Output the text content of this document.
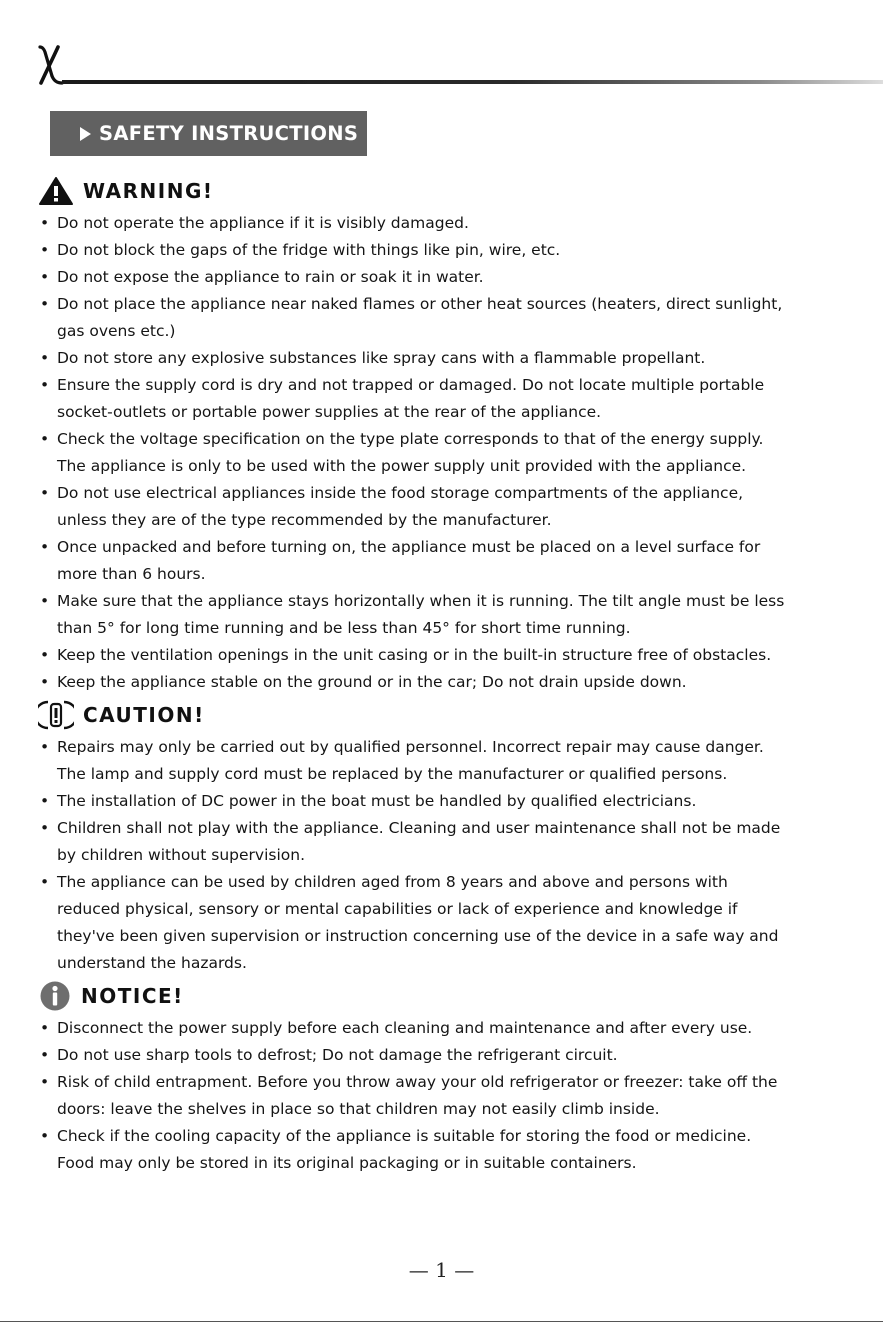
SAFETY INSTRUCTIONS
WARNING!
• Do not operate the appliance if it is visibly damaged.
• Do not block the gaps of the fridge with things like pin, wire, etc.
• Do not expose the appliance to rain or soak it in water.
• Do not place the appliance near naked flames or other heat sources (heaters, direct sunlight,
gas ovens etc.)
• Do not store any explosive substances like spray cans with a flammable propellant.
• Ensure the supply cord is dry and not trapped or damaged. Do not locate multiple portable
socket-outlets or portable power supplies at the rear of the appliance.
• Check the voltage specification on the type plate corresponds to that of the energy supply.
The appliance is only to be used with the power supply unit provided with the appliance.
• Do not use electrical appliances inside the food storage compartments of the appliance,
unless they are of the type recommended by the manufacturer.
• Once unpacked and before turning on, the appliance must be placed on a level surface for
more than 6 hours.
• Make sure that the appliance stays horizontally when it is running. The tilt angle must be less
than 5° for long time running and be less than 45° for short time running.
• Keep the ventilation openings in the unit casing or in the built-in structure free of obstacles.
• Keep the appliance stable on the ground or in the car; Do not drain upside down.
CAUTION!
• Repairs may only be carried out by qualified personnel. Incorrect repair may cause danger.
The lamp and supply cord must be replaced by the manufacturer or qualified persons.
• The installation of DC power in the boat must be handled by qualified electricians.
• Children shall not play with the appliance. Cleaning and user maintenance shall not be made
by children without supervision.
• The appliance can be used by children aged from 8 years and above and persons with
reduced physical, sensory or mental capabilities or lack of experience and knowledge if
they've been given supervision or instruction concerning use of the device in a safe way and
understand the hazards.
NOTICE!
• Disconnect the power supply before each cleaning and maintenance and after every use.
• Do not use sharp tools to defrost; Do not damage the refrigerant circuit.
• Risk of child entrapment. Before you throw away your old refrigerator or freezer: take off the
doors: leave the shelves in place so that children may not easily climb inside.
• Check if the cooling capacity of the appliance is suitable for storing the food or medicine.
Food may only be stored in its original packaging or in suitable containers.
— 1 —
